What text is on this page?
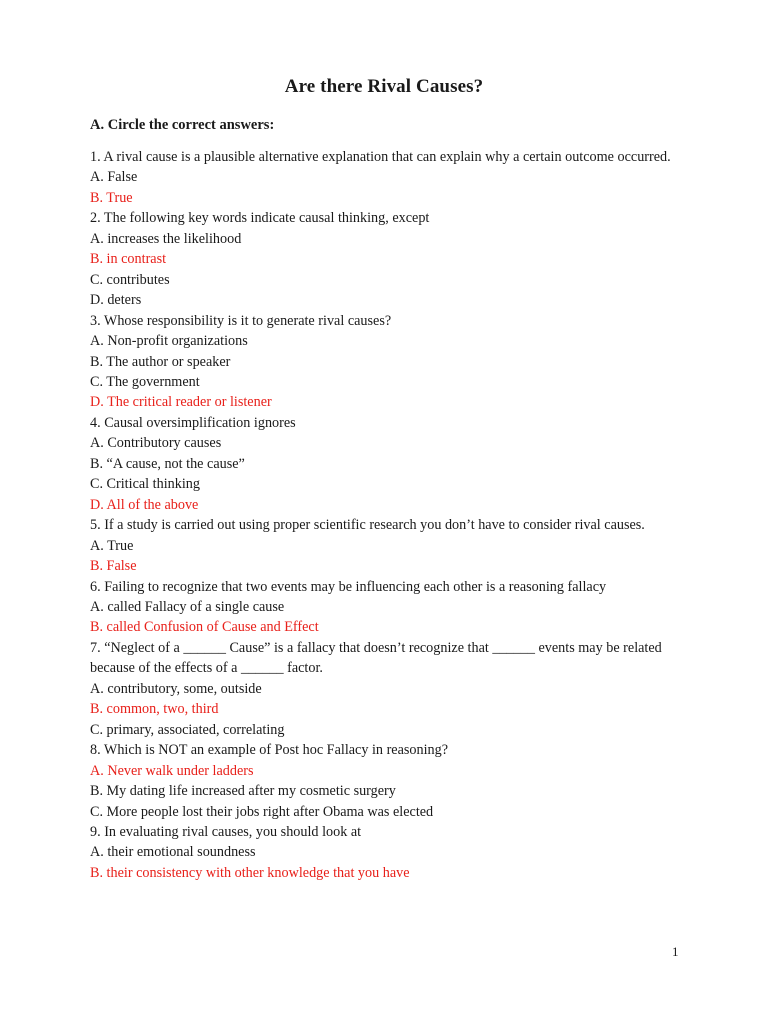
Are there Rival Causes?
A. Circle the correct answers:
1. A rival cause is a plausible alternative explanation that can explain why a certain outcome occurred.
A. False
B. True
2. The following key words indicate causal thinking, except
A. increases the likelihood
B. in contrast
C. contributes
D. deters
3. Whose responsibility is it to generate rival causes?
A. Non-profit organizations
B. The author or speaker
C. The government
D. The critical reader or listener
4. Causal oversimplification ignores
A. Contributory causes
B. “A cause, not the cause”
C. Critical thinking
D. All of the above
5. If a study is carried out using proper scientific research you don’t have to consider rival causes.
A. True
B. False
6. Failing to recognize that two events may be influencing each other is a reasoning fallacy
A. called Fallacy of a single cause
B. called Confusion of Cause and Effect
7. “Neglect of a ______ Cause” is a fallacy that doesn’t recognize that ______ events may be related because of the effects of a ______ factor.
A. contributory, some, outside
B. common, two, third
C. primary, associated, correlating
8. Which is NOT an example of Post hoc Fallacy in reasoning?
A. Never walk under ladders
B. My dating life increased after my cosmetic surgery
C. More people lost their jobs right after Obama was elected
9. In evaluating rival causes, you should look at
A. their emotional soundness
B. their consistency with other knowledge that you have
1
